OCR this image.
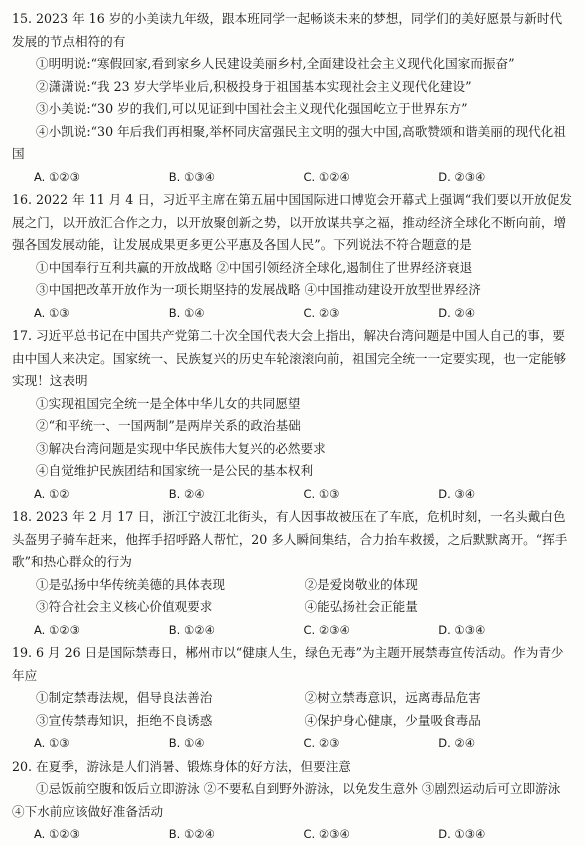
15. 2023 年 16 岁的小美读九年级，跟本班同学一起畅谈未来的梦想，同学们的美好愿景与新时代发展的节点相符的有

①明明说:“寒假回家,看到家乡人民建设美丽乡村,全面建设社会主义现代化国家而振奋”

②潇潇说:“我 23 岁大学毕业后,积极投身于祖国基本实现社会主义现代化建设”

③小美说:“30 岁的我们,可以见证到中国社会主义现代化强国屹立于世界东方”

④小凯说:“30 年后我们再相聚,举杯同庆富强民主文明的强大中国,高歌赞颂和谐美丽的现代化祖国

A. ①②③	B. ①③④	C. ①②④	D. ②③④

16. 2022 年 11 月 4 日，习近平主席在第五届中国国际进口博览会开幕式上强调“我们要以开放促发展之门，以开放汇合作之力，以开放聚创新之势，以开放谋共享之福，推动经济全球化不断向前，增强各国发展动能，让发展成果更多更公平惠及各国人民”。下列说法不符合题意的是

①中国奉行互利共赢的开放战略 ②中国引领经济全球化,遏制住了世界经济衰退

③中国把改革开放作为一项长期坚持的发展战略 ④中国推动建设开放型世界经济

A. ①③	B. ①④	C. ②③	D. ②④

17. 习近平总书记在中国共产党第二十次全国代表大会上指出，解决台湾问题是中国人自己的事，要由中国人来决定。国家统一、民族复兴的历史车轮滚滚向前，祖国完全统一一定要实现，也一定能够实现！这表明

①实现祖国完全统一是全体中华儿女的共同愿望

②“和平统一、一国两制”是两岸关系的政治基础

③解决台湾问题是实现中华民族伟大复兴的必然要求

④自觉维护民族团结和国家统一是公民的基本权利

A. ①②	B. ②④	C. ①③	D. ③④

18. 2023 年 2 月 17 日，浙江宁波江北街头，有人因事故被压在了车底，危机时刻，一名头戴白色头盔男子骑车赶来，他挥手招呼路人帮忙，20 多人瞬间集结，合力抬车救援，之后默默离开。“挥手歌”和热心群众的行为

①是弘扬中华传统美德的具体表现	②是爱岗敬业的体现
③符合社会主义核心价值观要求	④能弘扬社会正能量
A. ①②③	B. ①②④	C. ②③④	D. ①③④

19. 6 月 26 日是国际禁毒日，郴州市以“健康人生，绿色无毒”为主题开展禁毒宣传活动。作为青少年应

①制定禁毒法规，倡导良法善治	②树立禁毒意识，远离毒品危害
③宣传禁毒知识，拒绝不良诱惑	④保护身心健康，少量吸食毒品
A. ①③	B. ①④	C. ②③	D. ②④

20. 在夏季，游泳是人们消暑、锻炼身体的好方法，但要注意

①忌饭前空腹和饭后立即游泳 ②不要私自到野外游泳，以免发生意外 ③剧烈运动后可立即游泳 ④下水前应该做好准备活动

A. ①②③	B. ①②④	C. ②③④	D. ①③④
